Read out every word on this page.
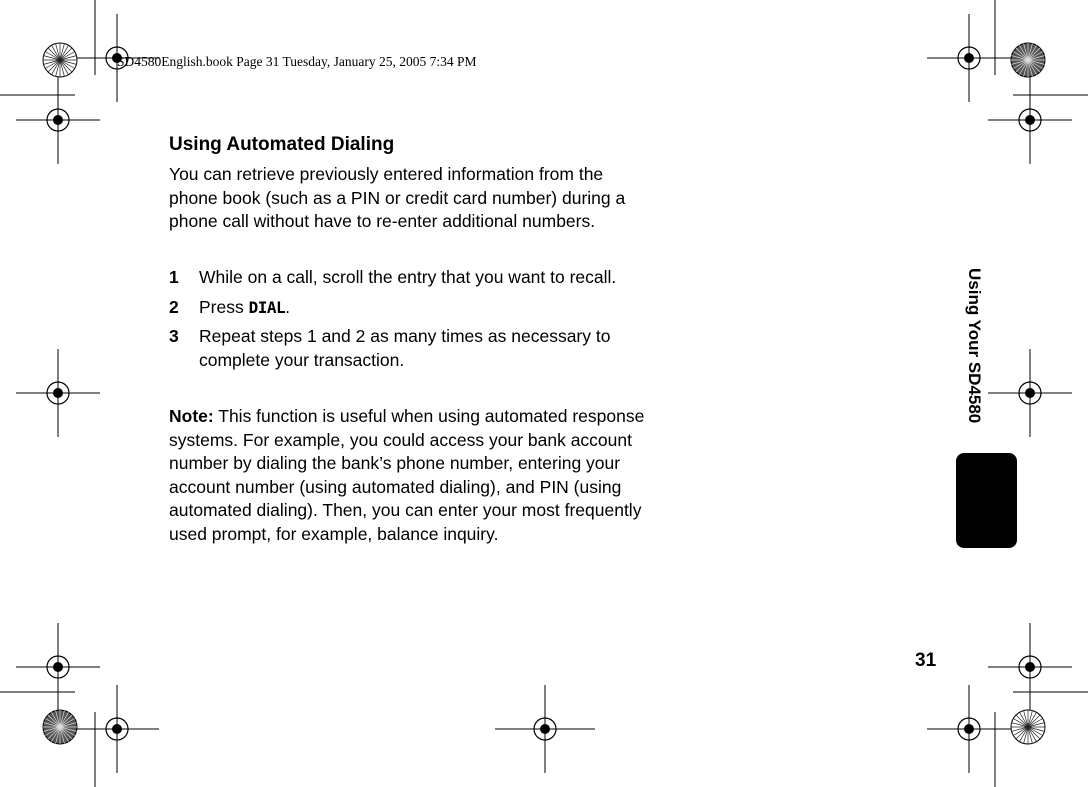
SD4580English.book Page 31 Tuesday, January 25, 2005 7:34 PM
Using Automated Dialing

You can retrieve previously entered information from the phone book (such as a PIN or credit card number) during a phone call without have to re-enter additional numbers.

1	While on a call, scroll the entry that you want to recall.
2	Press DIAL.
3	Repeat steps 1 and 2 as many times as necessary to complete your transaction.

Note: This function is useful when using automated response systems. For example, you could access your bank account number by dialing the bank’s phone number, entering your account number (using automated dialing), and PIN (using automated dialing). Then, you can enter your most frequently used prompt, for example, balance inquiry.

Using Your SD4580
31
